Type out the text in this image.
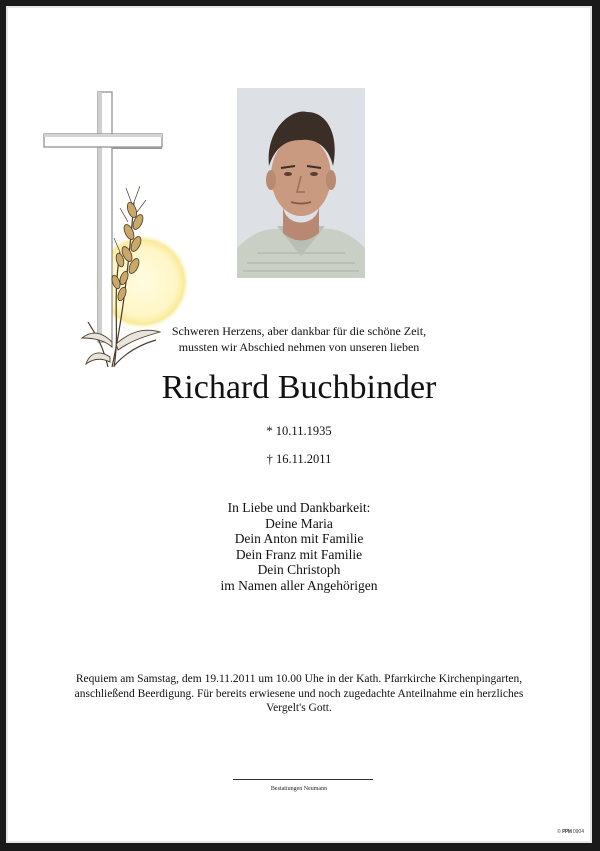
Schweren Herzens, aber dankbar für die schöne Zeit,
mussten wir Abschied nehmen von unseren lieben
Richard Buchbinder
* 10.11.1935
† 16.11.2011
In Liebe und Dankbarkeit:
Deine Maria
Dein Anton mit Familie
Dein Franz mit Familie
Dein Christoph
im Namen aller Angehörigen
Requiem am Samstag, dem 19.11.2011 um 10.00 Uhe in der Kath. Pfarrkirche Kirchenpingarten,
anschließend Beerdigung. Für bereits erwiesene und noch zugedachte Anteilnahme ein herzliches
Vergelt's Gott.
Bestattungen Neumann
© PPM 0904
